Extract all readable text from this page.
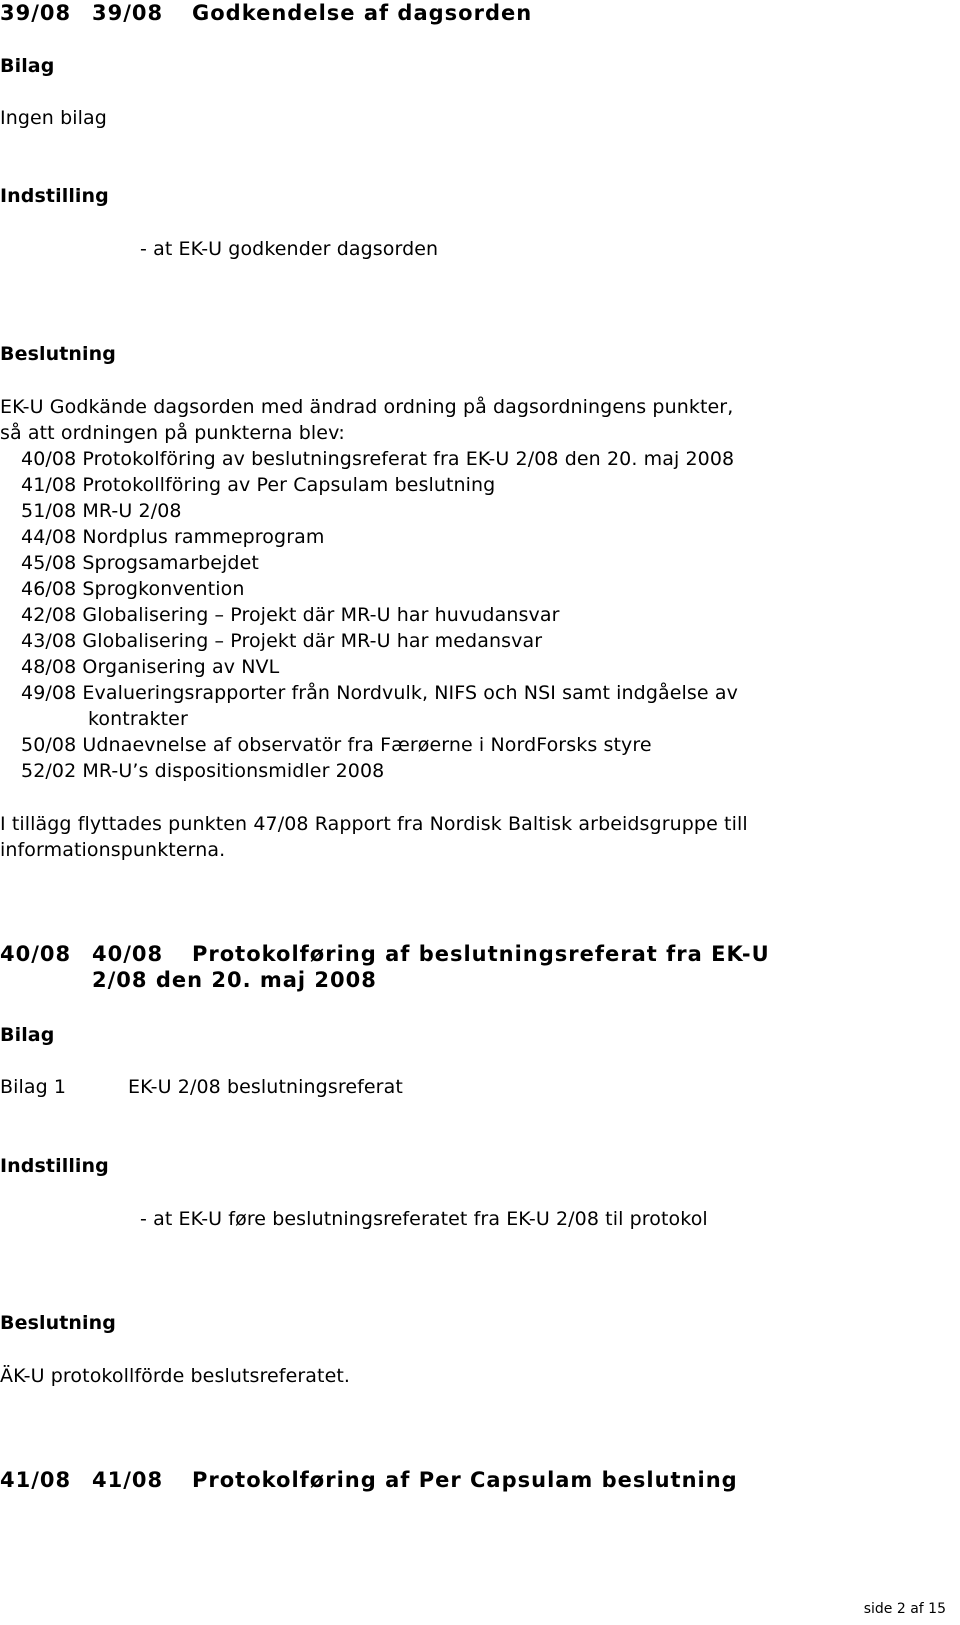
39/08 39/08 Godkendelse af dagsorden
Bilag
Ingen bilag
Indstilling
- at EK-U godkender dagsorden
Beslutning
EK-U Godkände dagsorden med ändrad ordning på dagsordningens punkter,
så att ordningen på punkterna blev:
40/08 Protokolföring av beslutningsreferat fra EK-U 2/08 den 20. maj 2008
41/08 Protokollföring av Per Capsulam beslutning
51/08 MR-U 2/08
44/08 Nordplus rammeprogram
45/08 Sprogsamarbejdet
46/08 Sprogkonvention
42/08 Globalisering – Projekt där MR-U har huvudansvar
43/08 Globalisering – Projekt där MR-U har medansvar
48/08 Organisering av NVL
49/08 Evalueringsrapporter från Nordvulk, NIFS och NSI samt indgåelse av
kontrakter
50/08 Udnaevnelse af observatör fra Færøerne i NordForsks styre
52/02 MR-U’s dispositionsmidler 2008
I tillägg flyttades punkten 47/08 Rapport fra Nordisk Baltisk arbeidsgruppe till
informationspunkterna.
40/08 40/08 Protokolføring af beslutningsreferat fra EK-U
2/08 den 20. maj 2008
Bilag
Bilag 1	EK-U 2/08 beslutningsreferat
Indstilling
- at EK-U føre beslutningsreferatet fra EK-U 2/08 til protokol
Beslutning
ÄK-U protokollförde beslutsreferatet.
41/08 41/08 Protokolføring af Per Capsulam beslutning
side 2 af 15
